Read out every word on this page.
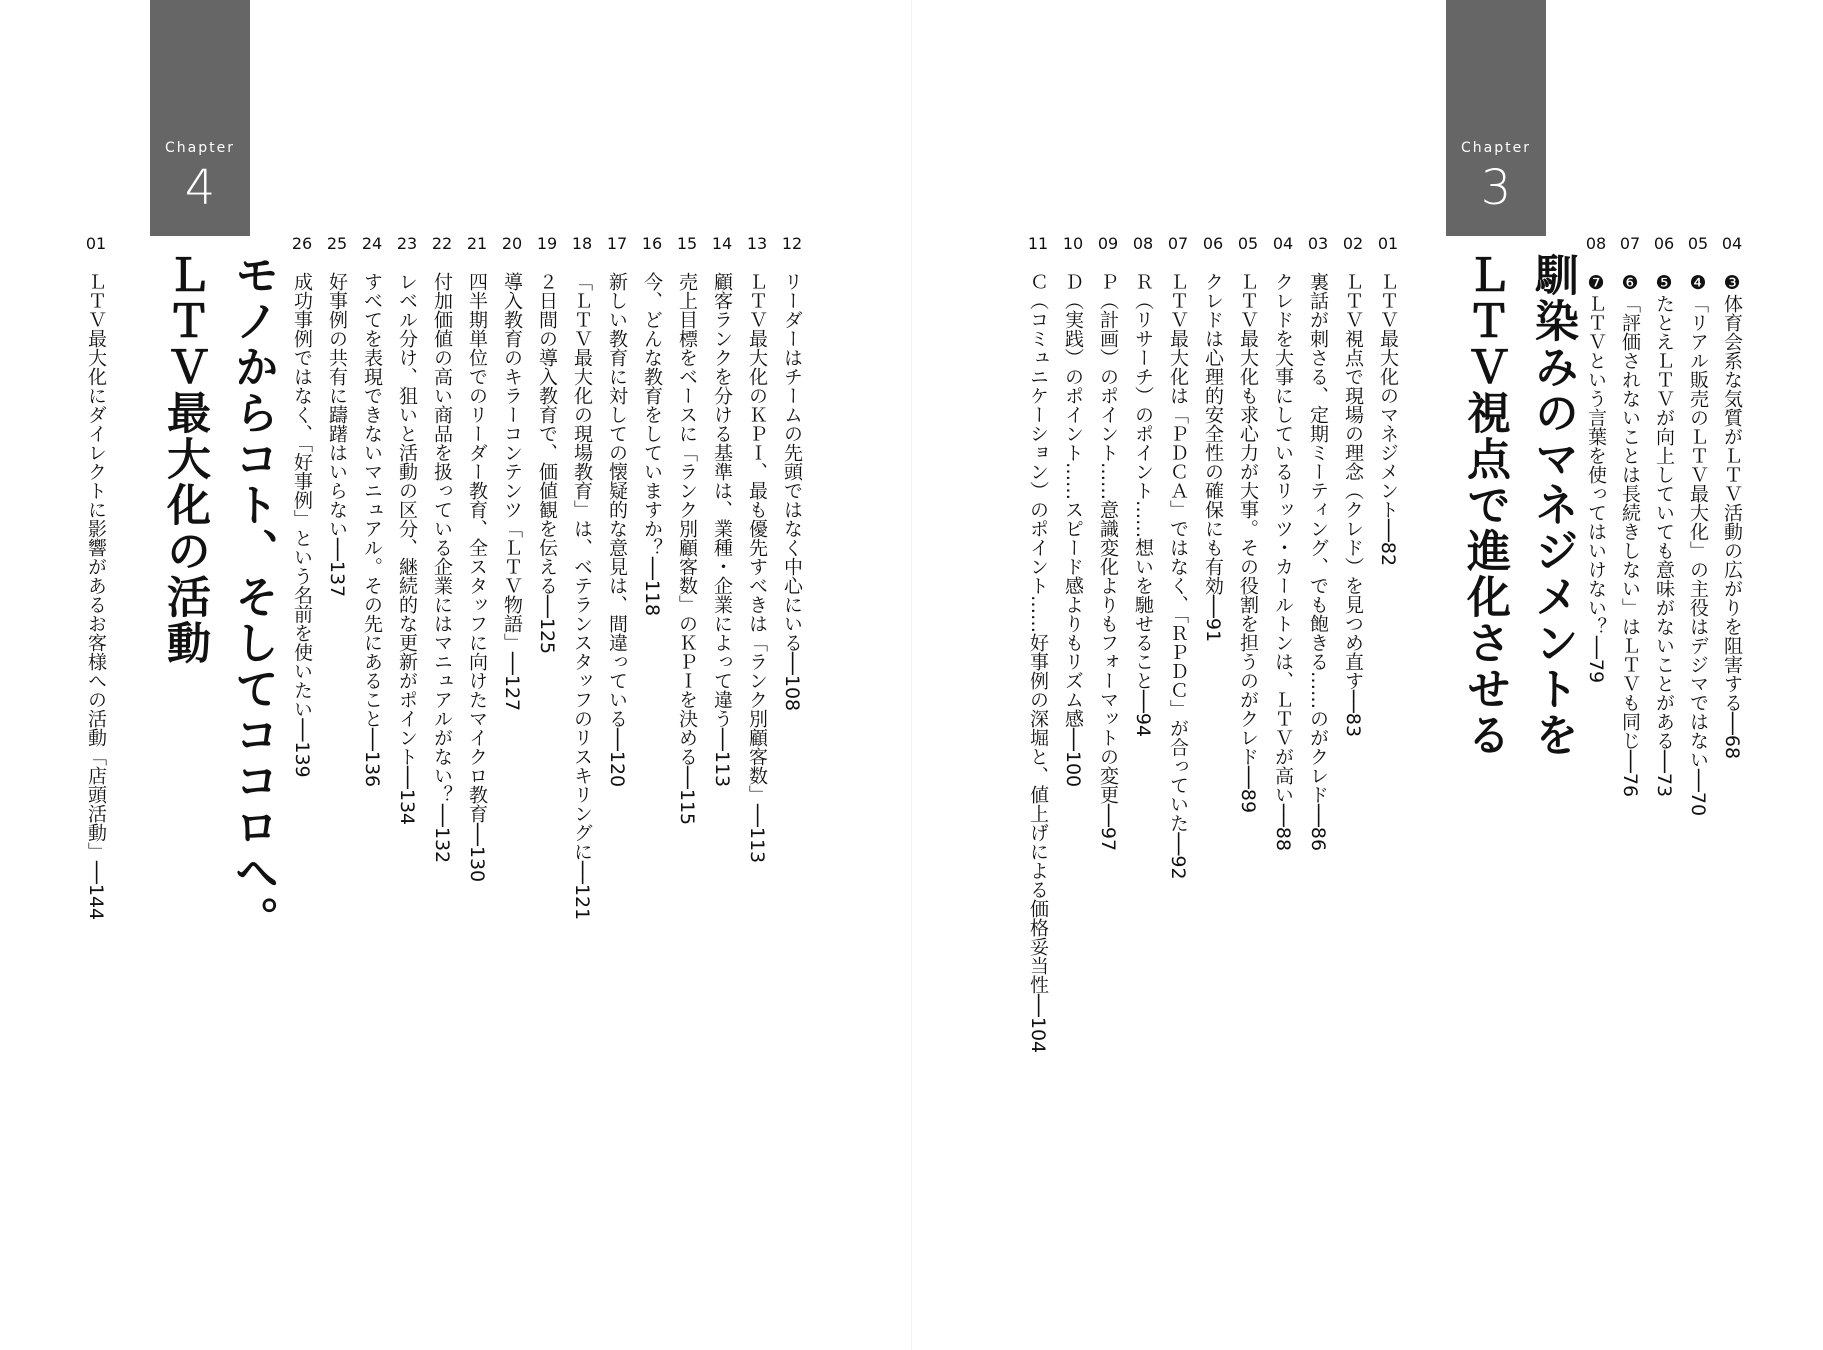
Chapter
4
モノからコト、そしてココロへ。
ＬＴＶ最大化の活動
12
リーダーはチームの先頭ではなく中心にいる──108
13
ＬＴＶ最大化のＫＰＩ、最も優先すべきは「ランク別顧客数」──113
14
顧客ランクを分ける基準は、業種・企業によって違う──113
15
売上目標をベースに「ランク別顧客数」のＫＰＩを決める──115
16
今、どんな教育をしていますか？──118
17
新しい教育に対しての懐疑的な意見は、間違っている──120
18
「ＬＴＶ最大化の現場教育」は、ベテランスタッフのリスキリングに──121
19
２日間の導入教育で、価値観を伝える──125
20
導入教育のキラーコンテンツ「ＬＴＶ物語」──127
21
四半期単位でのリーダー教育、全スタッフに向けたマイクロ教育──130
22
付加価値の高い商品を扱っている企業にはマニュアルがない？──132
23
レベル分け、狙いと活動の区分、継続的な更新がポイント──134
24
すべてを表現できないマニュアル。その先にあること──136
25
好事例の共有に躊躇はいらない──137
26
成功事例ではなく、「好事例」という名前を使いたい──139
01
ＬＴＶ最大化にダイレクトに影響があるお客様への活動「店頭活動」──144
Chapter
3
馴染みのマネジメントを
ＬＴＶ視点で進化させる
04
❸体育会系な気質がＬＴＶ活動の広がりを阻害する──68
05
❹「リアル販売のＬＴＶ最大化」の主役はデジマではない──70
06
❺たとえＬＴＶが向上していても意味がないことがある──73
07
❻「評価されないことは長続きしない」はＬＴＶも同じ──76
08
❼ＬＴＶという言葉を使ってはいけない？──79
01
ＬＴＶ最大化のマネジメント──82
02
ＬＴＶ視点で現場の理念（クレド）を見つめ直す──83
03
裏話が刺さる、定期ミーティング、でも飽きる……のがクレド──86
04
クレドを大事にしているリッツ・カールトンは、ＬＴＶが高い──88
05
ＬＴＶ最大化も求心力が大事。その役割を担うのがクレド──89
06
クレドは心理的安全性の確保にも有効──91
07
ＬＴＶ最大化は「ＰＤＣＡ」ではなく、「ＲＰＤＣ」が合っていた──92
08
Ｒ（リサーチ）のポイント……想いを馳せること──94
09
Ｐ（計画）のポイント……意識変化よりもフォーマットの変更──97
10
Ｄ（実践）のポイント……スピード感よりもリズム感──100
11
Ｃ（コミュニケーション）のポイント……好事例の深堀と、値上げによる価格妥当性──104
